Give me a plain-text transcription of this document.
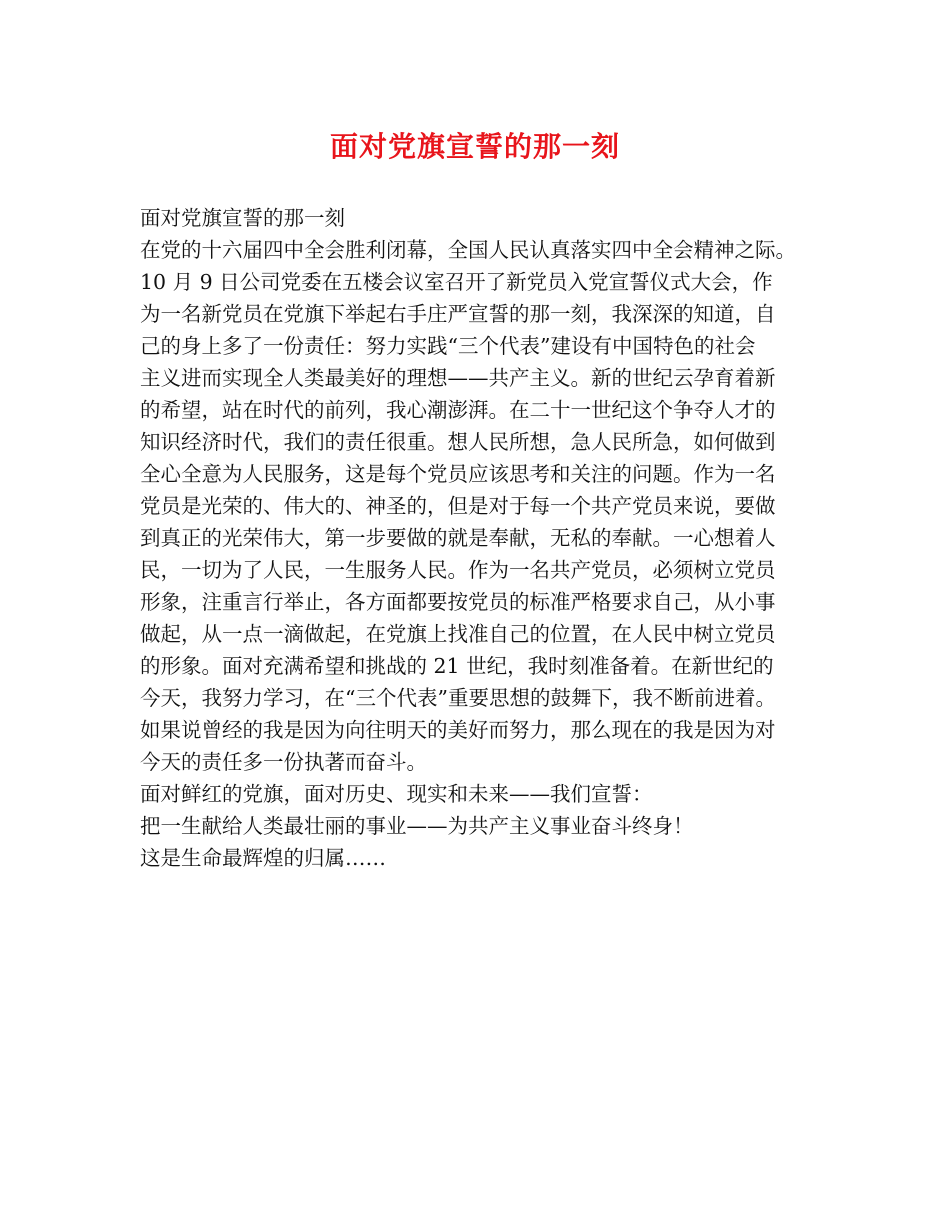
面对党旗宣誓的那一刻
面对党旗宣誓的那一刻
在党的十六届四中全会胜利闭幕，全国人民认真落实四中全会精神之际。
10 月 9 日公司党委在五楼会议室召开了新党员入党宣誓仪式大会，作
为一名新党员在党旗下举起右手庄严宣誓的那一刻，我深深的知道，自
己的身上多了一份责任：努力实践“三个代表”建设有中国特色的社会
主义进而实现全人类最美好的理想——共产主义。新的世纪云孕育着新
的希望，站在时代的前列，我心潮澎湃。在二十一世纪这个争夺人才的
知识经济时代，我们的责任很重。想人民所想，急人民所急，如何做到
全心全意为人民服务，这是每个党员应该思考和关注的问题。作为一名
党员是光荣的、伟大的、神圣的，但是对于每一个共产党员来说，要做
到真正的光荣伟大，第一步要做的就是奉献，无私的奉献。一心想着人
民，一切为了人民，一生服务人民。作为一名共产党员，必须树立党员
形象，注重言行举止，各方面都要按党员的标准严格要求自己，从小事
做起，从一点一滴做起，在党旗上找准自己的位置，在人民中树立党员
的形象。面对充满希望和挑战的 21 世纪，我时刻准备着。在新世纪的
今天，我努力学习，在“三个代表”重要思想的鼓舞下，我不断前进着。
如果说曾经的我是因为向往明天的美好而努力，那么现在的我是因为对
今天的责任多一份执著而奋斗。
面对鲜红的党旗，面对历史、现实和未来——我们宣誓：
把一生献给人类最壮丽的事业——为共产主义事业奋斗终身！
这是生命最辉煌的归属……
